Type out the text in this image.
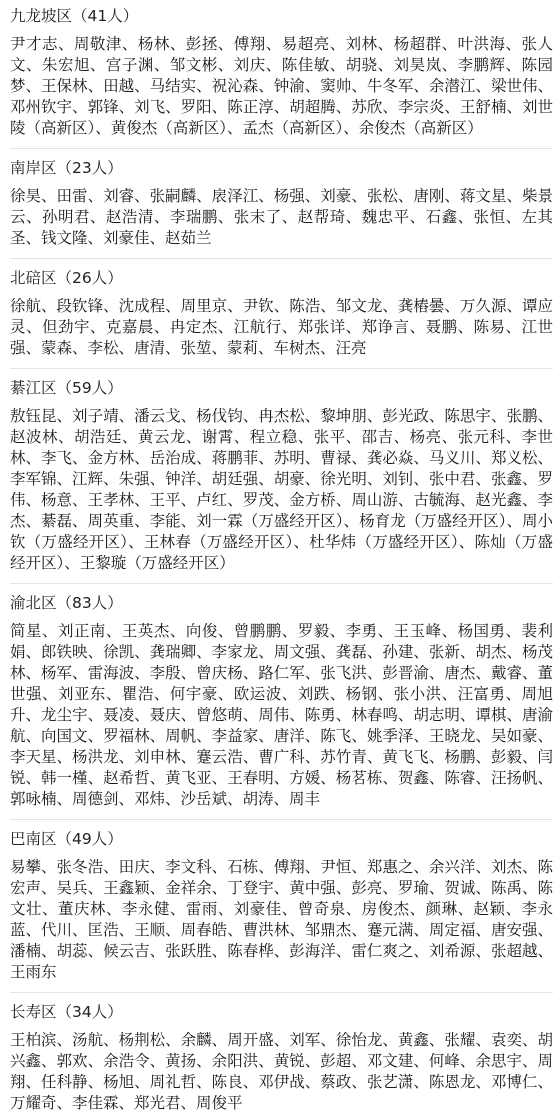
九龙坡区（41人）
尹才志、周敬津、杨林、彭拯、傅翔、易超亮、刘林、杨超群、叶洪海、张人文、朱宏旭、宫子渊、邹文彬、刘庆、陈佳敏、胡骁、刘昊岚、李鹏辉、陈园梦、王保林、田越、马结实、祝沁森、钟渝、窦帅、牛冬军、余潜江、梁世伟、邓州钦宇、郭锋、刘飞、罗阳、陈正淳、胡超腾、苏欣、李宗炎、王舒楠、刘世陵（高新区）、黄俊杰（高新区）、孟杰（高新区）、余俊杰（高新区）
南岸区（23人）
徐昊、田雷、刘睿、张嗣麟、扆泽江、杨强、刘豪、张松、唐刚、蒋文星、柴景云、孙明君、赵浩清、李瑞鹏、张末了、赵帮琦、魏忠平、石鑫、张恒、左其圣、钱文隆、刘豪佳、赵茹兰
北碚区（26人）
徐航、段钦锋、沈成程、周里京、尹钦、陈浩、邹文龙、龚樁曇、万久源、谭应灵、但劲宇、克嘉晨、冉定杰、江航行、郑张详、郑诤言、聂鹏、陈易、江世强、蒙森、李松、唐清、张堃、蒙莉、车树杰、汪亮
綦江区（59人）
敖钰昆、刘子靖、潘云戈、杨伐钧、冉杰松、黎坤朋、彭光政、陈思宇、张鹏、赵波林、胡浩廷、黄云龙、谢霄、程立稳、张平、邵吉、杨亮、张元科、李世林、李飞、金方林、岳治成、蒋鹏菲、苏明、曹禄、龚必焱、马义川、郑义松、李军锦、江辉、朱强、钟洋、胡廷强、胡豪、徐光明、刘钊、张中君、张鑫、罗伟、杨意、王孝林、王平、卢红、罗茂、金方桥、周山游、古毓海、赵光鑫、李杰、綦磊、周英重、李能、刘一霖（万盛经开区）、杨育龙（万盛经开区）、周小钦（万盛经开区）、王林春（万盛经开区）、杜华炜（万盛经开区）、陈灿（万盛经开区）、王黎璇（万盛经开区）
渝北区（83人）
简星、刘正南、王英杰、向俊、曾鹏鹏、罗毅、李勇、王玉峰、杨国勇、裴利娟、郎铁映、徐凯、龚瑞卿、李家龙、周文强、龚磊、孙建、张新、胡杰、杨茂林、杨军、雷海波、李殷、曾庆杨、路仁军、张飞洪、彭晋渝、唐杰、戴睿、董世强、刘亚东、瞿浩、何宇豪、欧运波、刘跌、杨钢、张小洪、汪富勇、周旭升、龙尘宇、聂凌、聂庆、曾悠萌、周伟、陈勇、林春鸣、胡志明、谭棋、唐渝航、向国文、罗福林、周帆、李益家、唐洋、陈飞、姚季泽、王晓龙、吴如豪、李天星、杨洪龙、刘申林、蹇云浩、曹广科、苏竹青、黄飞飞、杨鹏、彭毅、闫锐、韩一槿、赵希哲、黄飞亚、王春明、方媛、杨茗栋、贺鑫、陈睿、汪扬帆、郭咏楠、周德剑、邓炜、沙岳斌、胡涛、周丰
巴南区（49人）
易攀、张冬浩、田庆、李文科、石栋、傅翔、尹恒、郑惠之、余兴洋、刘杰、陈宏声、吴兵、王鑫颖、金祥余、丁登宇、黄中强、彭亮、罗瑜、贺诚、陈禹、陈文壮、董庆林、李永健、雷雨、刘豪佳、曾奇泉、房俊杰、颜琳、赵颖、李永蓝、代川、匡浩、王顺、周春皓、曹洪林、邹鼎杰、蹇元满、周定福、唐安强、潘楠、胡蕊、候云吉、张跃胜、陈春桦、彭海洋、雷仁爽之、刘希源、张超越、王雨东
长寿区（34人）
王柏滨、汤航、杨荆松、余麟、周开盛、刘军、徐怡龙、黄鑫、张耀、袁奕、胡兴鑫、郭欢、余浩令、黄扬、余阳洪、黄锐、彭超、邓文建、何峰、余思宇、周翔、任科静、杨旭、周礼哲、陈良、邓伊战、蔡政、张艺潇、陈恩龙、邓博仁、万耀奇、李佳霖、郑光君、周俊平
